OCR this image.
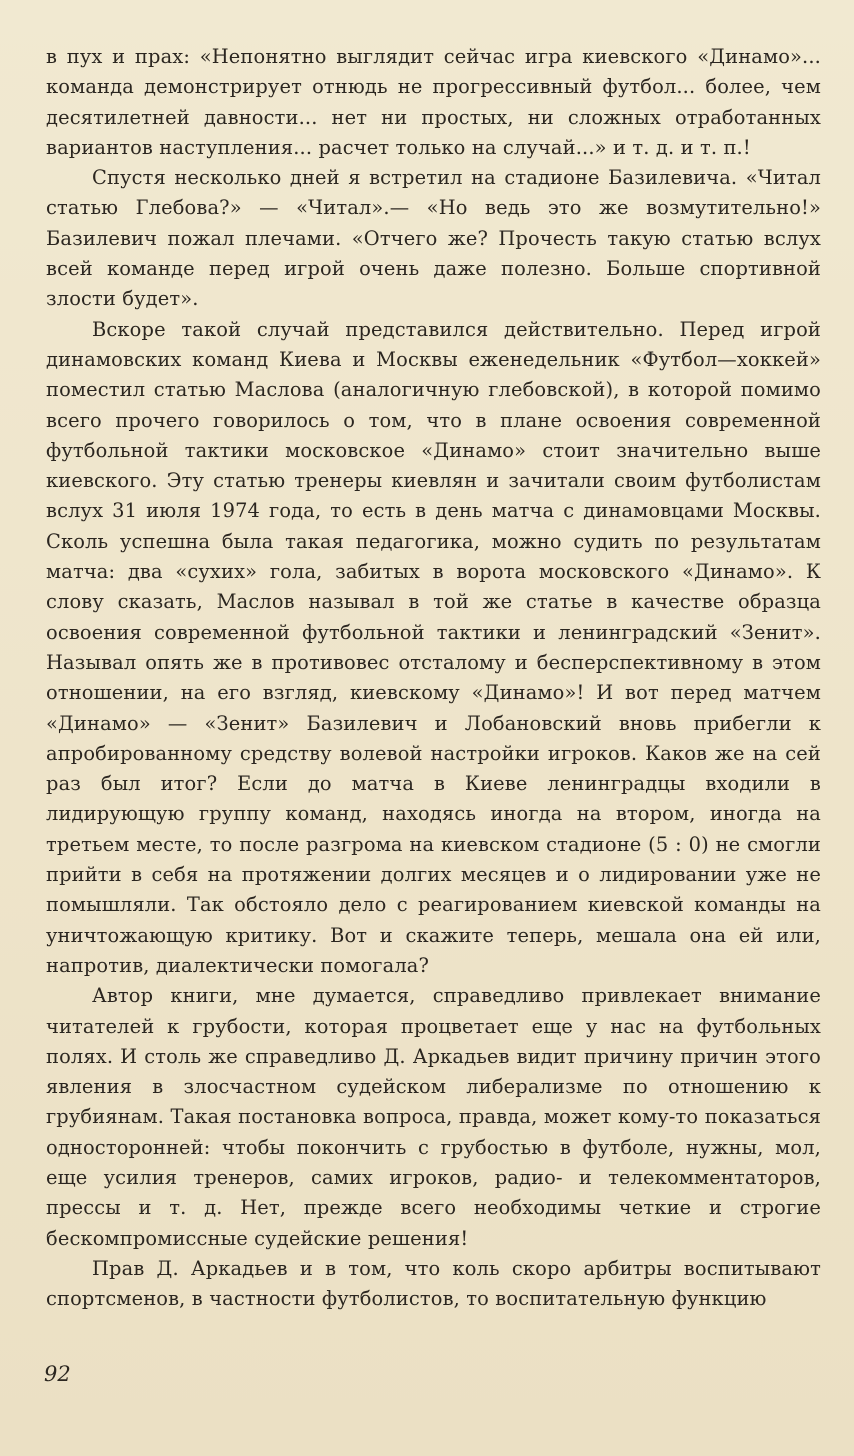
в пух и прах: «Непонятно выглядит сейчас игра киевского «Динамо»... команда демонстрирует отнюдь не прогрессивный футбол... более, чем десятилетней давности... нет ни простых, ни сложных отработанных вариантов наступления... расчет только на случай...» и т. д. и т. п.!

Спустя несколько дней я встретил на стадионе Базилевича. «Читал статью Глебова?» — «Читал».— «Но ведь это же возмутительно!» Базилевич пожал плечами. «Отчего же? Прочесть такую статью вслух всей команде перед игрой очень даже полезно. Больше спортивной злости будет».

Вскоре такой случай представился действительно. Перед игрой динамовских команд Киева и Москвы еженедельник «Футбол—хоккей» поместил статью Маслова (аналогичную глебовской), в которой помимо всего прочего говорилось о том, что в плане освоения современной футбольной тактики московское «Динамо» стоит значительно выше киевского. Эту статью тренеры киевлян и зачитали своим футболистам вслух 31 июля 1974 года, то есть в день матча с динамовцами Москвы. Сколь успешна была такая педагогика, можно судить по результатам матча: два «сухих» гола, забитых в ворота московского «Динамо». К слову сказать, Маслов называл в той же статье в качестве образца освоения современной футбольной тактики и ленинградский «Зенит». Называл опять же в противовес отсталому и бесперспективному в этом отношении, на его взгляд, киевскому «Динамо»! И вот перед матчем «Динамо» — «Зенит» Базилевич и Лобановский вновь прибегли к апробированному средству волевой настройки игроков. Каков же на сей раз был итог? Если до матча в Киеве ленинградцы входили в лидирующую группу команд, находясь иногда на втором, иногда на третьем месте, то после разгрома на киевском стадионе (5 : 0) не смогли прийти в себя на протяжении долгих месяцев и о лидировании уже не помышляли. Так обстояло дело с реагированием киевской команды на уничтожающую критику. Вот и скажите теперь, мешала она ей или, напротив, диалектически помогала?

Автор книги, мне думается, справедливо привлекает внимание читателей к грубости, которая процветает еще у нас на футбольных полях. И столь же справедливо Д. Аркадьев видит причину причин этого явления в злосчастном судейском либерализме по отношению к грубиянам. Такая постановка вопроса, правда, может кому-то показаться односторонней: чтобы покончить с грубостью в футболе, нужны, мол, еще усилия тренеров, самих игроков, радио- и телекомментаторов, прессы и т. д. Нет, прежде всего необходимы четкие и строгие бескомпромиссные судейские решения!

Прав Д. Аркадьев и в том, что коль скоро арбитры воспитывают спортсменов, в частности футболистов, то воспитательную функцию

92
